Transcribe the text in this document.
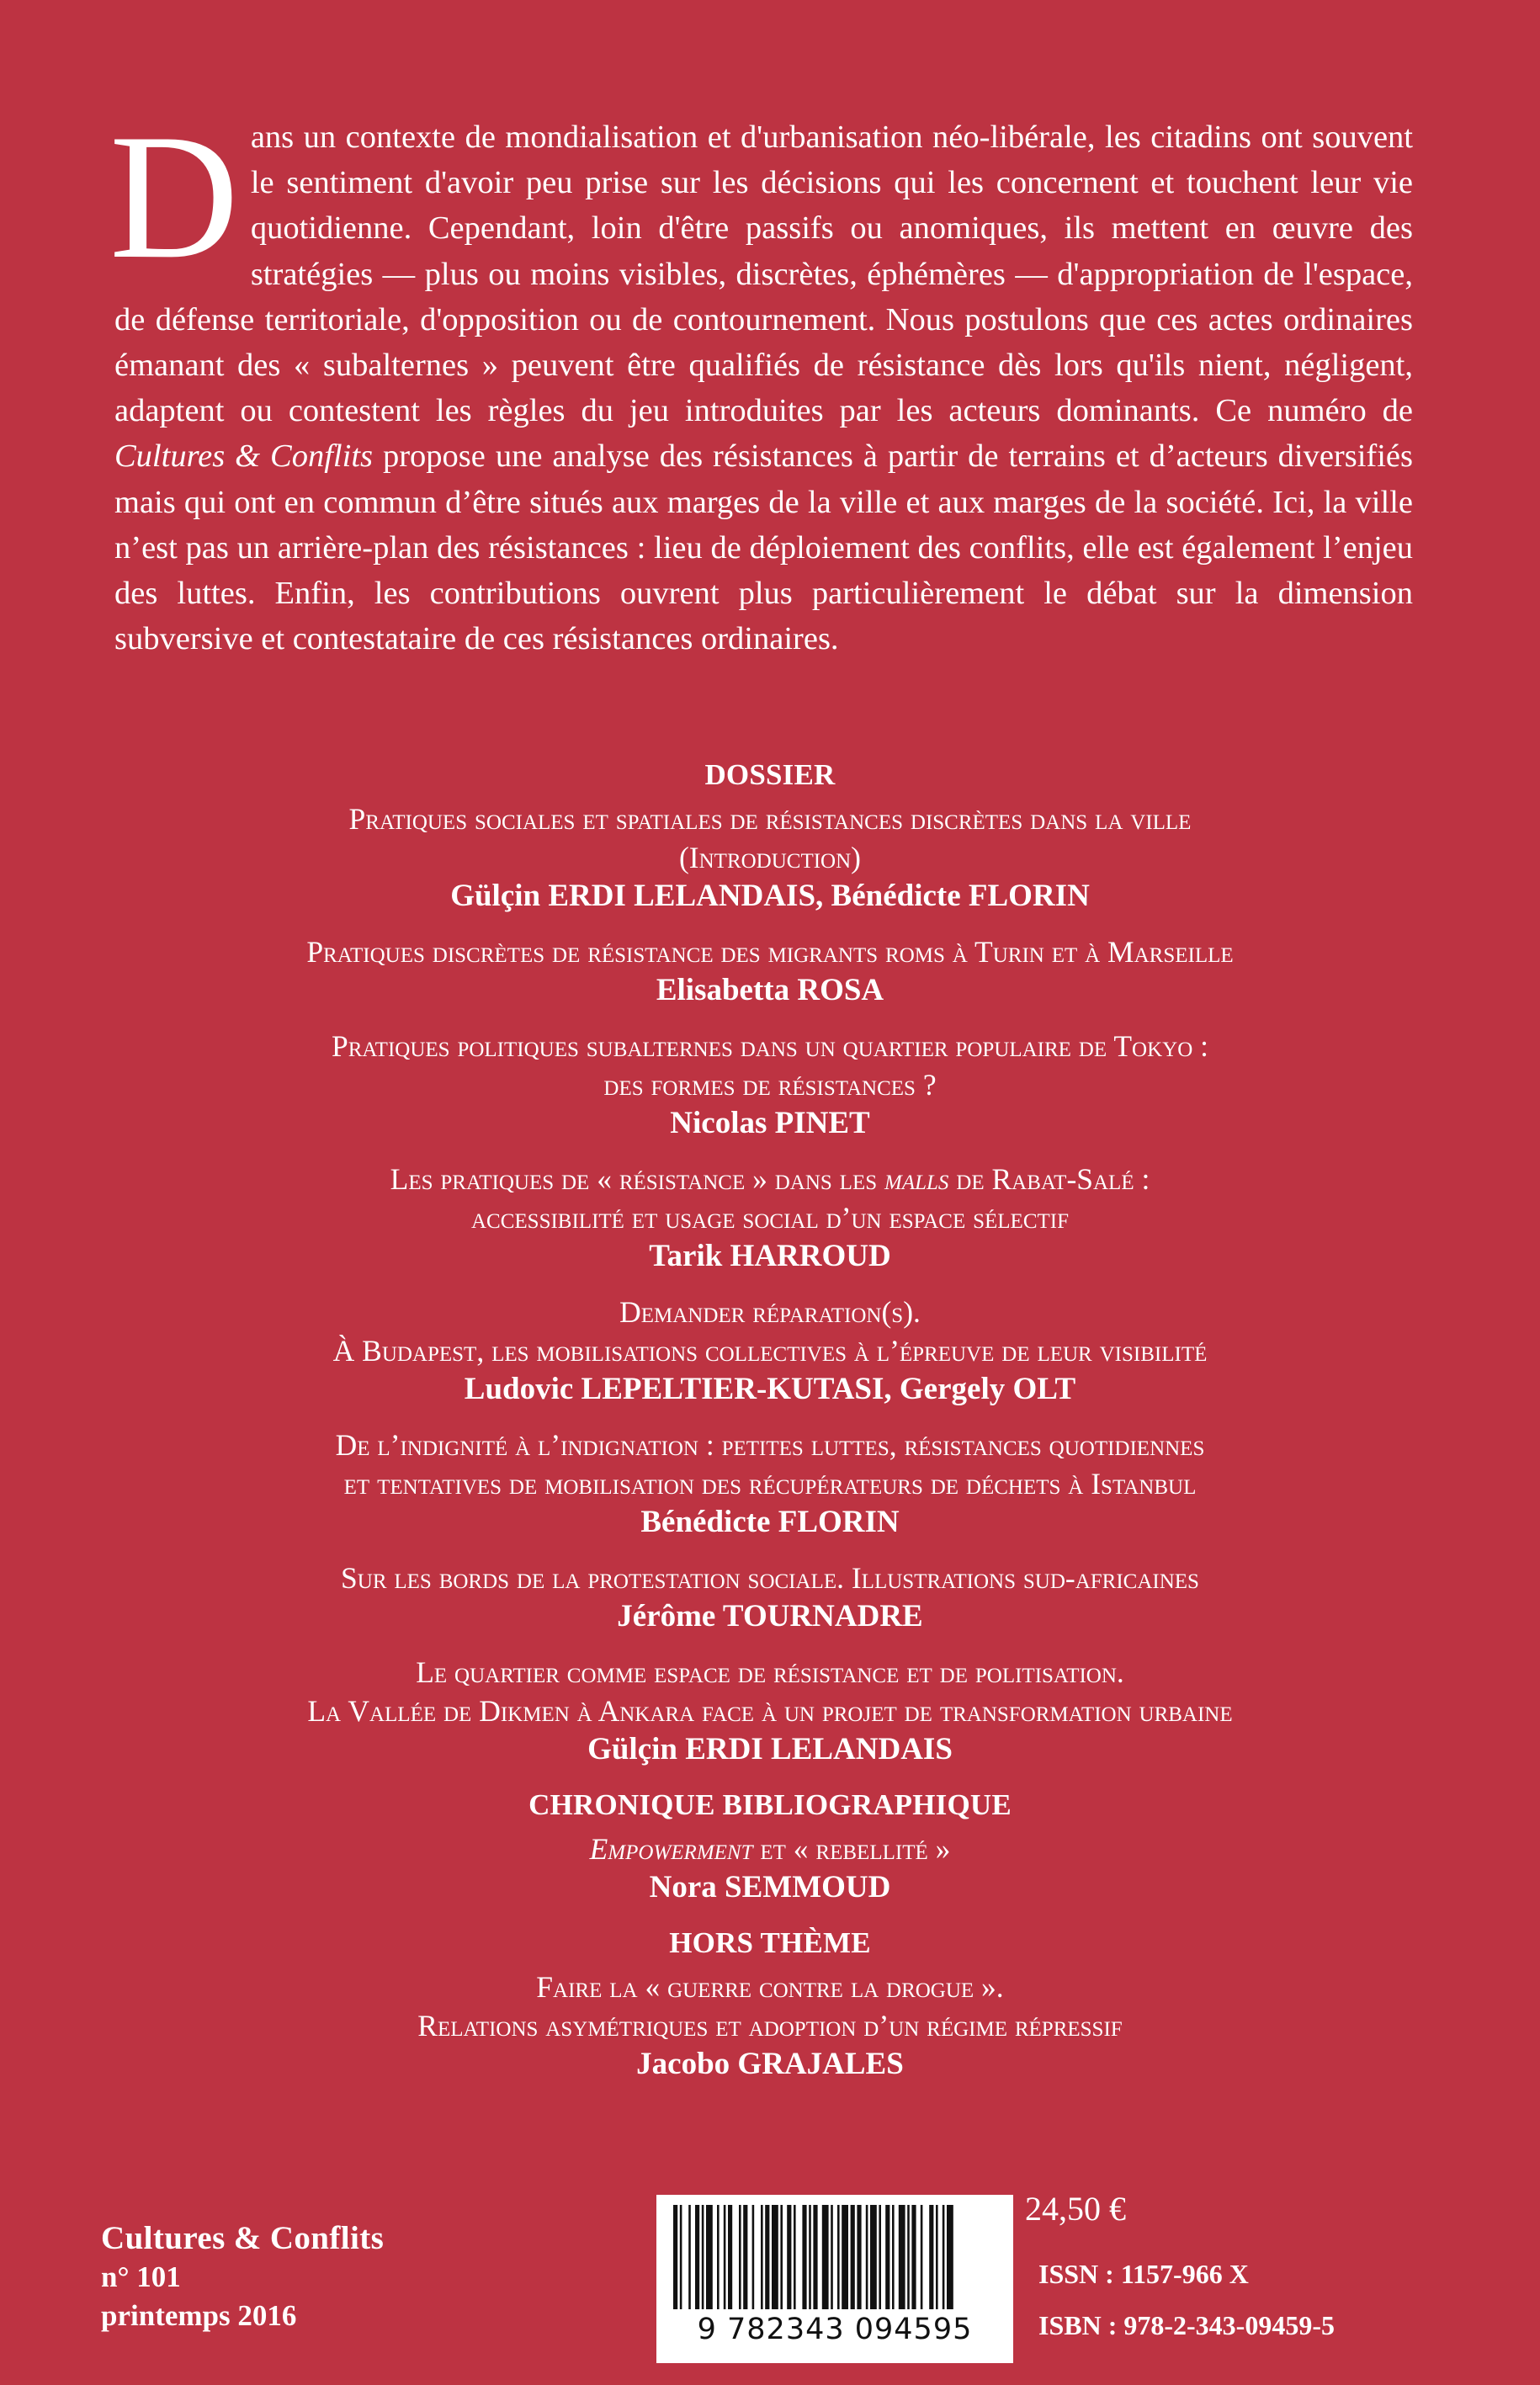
Dans un contexte de mondialisation et d'urbanisation néo-libérale, les citadins ont souvent le sentiment d'avoir peu prise sur les décisions qui les concernent et touchent leur vie quotidienne. Cependant, loin d'être passifs ou anomiques, ils mettent en œuvre des stratégies — plus ou moins visibles, discrètes, éphémères — d'appropriation de l'espace, de défense territoriale, d'opposition ou de contournement. Nous postulons que ces actes ordinaires émanant des « subalternes » peuvent être qualifiés de résistance dès lors qu'ils nient, négligent, adaptent ou contestent les règles du jeu introduites par les acteurs dominants. Ce numéro de Cultures & Conflits propose une analyse des résistances à partir de terrains et d’acteurs diversifiés mais qui ont en commun d’être situés aux marges de la ville et aux marges de la société. Ici, la ville n’est pas un arrière-plan des résistances : lieu de déploiement des conflits, elle est également l’enjeu des luttes. Enfin, les contributions ouvrent plus particulièrement le débat sur la dimension subversive et contestataire de ces résistances ordinaires.

DOSSIER
Pratiques sociales et spatiales de résistances discrètes dans la ville
(Introduction)
Gülçin ERDI LELANDAIS, Bénédicte FLORIN
Pratiques discrètes de résistance des migrants roms à Turin et à Marseille
Elisabetta ROSA
Pratiques politiques subalternes dans un quartier populaire de Tokyo :
des formes de résistances ?
Nicolas PINET
Les pratiques de « résistance » dans les malls de Rabat-Salé :
accessibilité et usage social d’un espace sélectif
Tarik HARROUD
Demander réparation(s).
À Budapest, les mobilisations collectives à l’épreuve de leur visibilité
Ludovic LEPELTIER-KUTASI, Gergely OLT
De l’indignité à l’indignation : petites luttes, résistances quotidiennes
et tentatives de mobilisation des récupérateurs de déchets à Istanbul
Bénédicte FLORIN
Sur les bords de la protestation sociale. Illustrations sud-africaines
Jérôme TOURNADRE
Le quartier comme espace de résistance et de politisation.
La Vallée de Dikmen à Ankara face à un projet de transformation urbaine
Gülçin ERDI LELANDAIS
CHRONIQUE BIBLIOGRAPHIQUE
Empowerment et « rebellité »
Nora SEMMOUD
HORS THÈME
Faire la « guerre contre la drogue ».
Relations asymétriques et adoption d’un régime répressif
Jacobo GRAJALES
Cultures & Conflits
n° 101
printemps 2016	9 782343 094595
24,50 €
ISSN : 1157-966 X
ISBN : 978-2-343-09459-5
